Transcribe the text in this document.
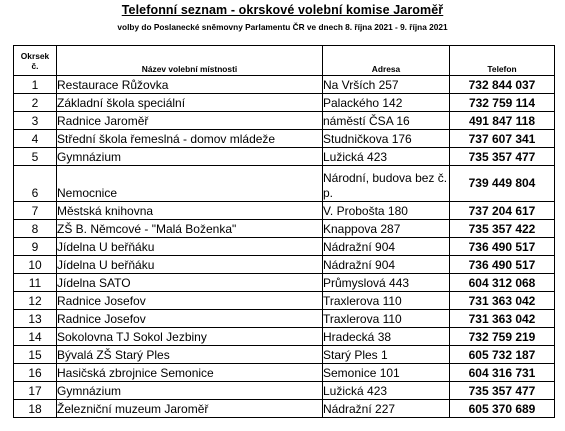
Telefonní seznam - okrskové volební komise Jaroměř
volby do Poslanecké sněmovny Parlamentu ČR ve dnech 8. října 2021 - 9. října 2021
Okrsek
č.	Název volební místnosti	Adresa	Telefon
1	Restaurace Růžovka	Na Vrších 257	732 844 037
2	Základní škola speciální	Palackého 142	732 759 114
3	Radnice Jaroměř	náměstí ČSA 16	491 847 118
4	Střední škola řemeslná - domov mládeže	Studničkova 176	737 607 341
5	Gymnázium	Lužická 423	735 357 477
6	Nemocnice	Národní, budova bez č. p.	739 449 804
7	Městská knihovna	V. Probošta 180	737 204 617
8	ZŠ B. Němcové - "Malá Boženka"	Knappova 287	735 357 422
9	Jídelna U beřňáku	Nádražní 904	736 490 517
10	Jídelna U beřňáku	Nádražní 904	736 490 517
11	Jídelna SATO	Průmyslová 443	604 312 068
12	Radnice Josefov	Traxlerova 110	731 363 042
13	Radnice Josefov	Traxlerova 110	731 363 042
14	Sokolovna TJ Sokol Jezbiny	Hradecká 38	732 759 219
15	Bývalá ZŠ Starý Ples	Starý Ples 1	605 732 187
16	Hasičská zbrojnice Semonice	Semonice 101	604 316 731
17	Gymnázium	Lužická 423	735 357 477
18	Železniční muzeum Jaroměř	Nádražní 227	605 370 689
